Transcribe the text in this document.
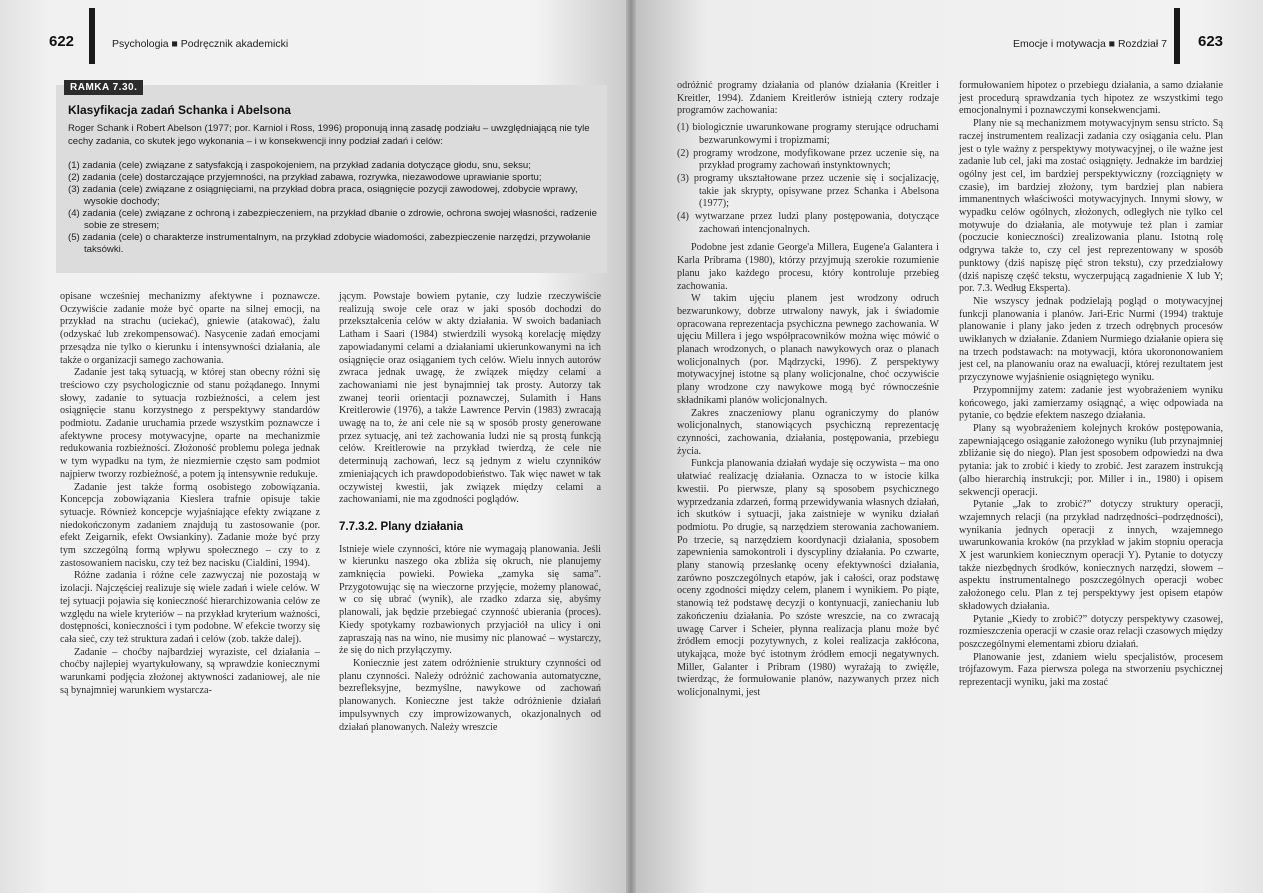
622	Psychologia ■ Podręcznik akademicki
RAMKA 7.30.
Klasyfikacja zadań Schanka i Abelsona
Roger Schank i Robert Abelson (1977; por. Karniol i Ross, 1996) proponują inną zasadę podziału – uwzględniającą nie tyle cechy zadania, co skutek jego wykonania – i w konsekwencji inny podział zadań i celów:
(1) zadania (cele) związane z satysfakcją i zaspokojeniem, na przykład zadania dotyczące głodu, snu, seksu;
(2) zadania (cele) dostarczające przyjemności, na przykład zabawa, rozrywka, niezawodowe uprawianie sportu;
(3) zadania (cele) związane z osiągnięciami, na przykład dobra praca, osiągnięcie pozycji zawodowej, zdobycie wprawy, wysokie dochody;
(4) zadania (cele) związane z ochroną i zabezpieczeniem, na przykład dbanie o zdrowie, ochrona swojej własności, radzenie sobie ze stresem;
(5) zadania (cele) o charakterze instrumentalnym, na przykład zdobycie wiadomości, zabezpieczenie narzędzi, przywołanie taksówki.

opisane wcześniej mechanizmy afektywne i poznawcze. Oczywiście zadanie może być oparte na silnej emocji, na przykład na strachu (uciekać), gniewie (atakować), żalu (odzyskać lub zrekompensować). Nasycenie zadań emocjami przesądza nie tylko o kierunku i intensywności działania, ale także o organizacji samego zachowania.

Zadanie jest taką sytuacją, w której stan obecny różni się treściowo czy psychologicznie od stanu pożądanego. Innymi słowy, zadanie to sytuacja rozbieżności, a celem jest osiągnięcie stanu korzystnego z perspektywy standardów podmiotu. Zadanie uruchamia przede wszystkim poznawcze i afektywne procesy motywacyjne, oparte na mechanizmie redukowania rozbieżności. Złożoność problemu polega jednak w tym wypadku na tym, że niezmiernie często sam podmiot najpierw tworzy rozbieżność, a potem ją intensywnie redukuje.

Zadanie jest także formą osobistego zobowiązania. Koncepcja zobowiązania Kieslera trafnie opisuje takie sytuacje. Również koncepcje wyjaśniające efekty związane z niedokończonym zadaniem znajdują tu zastosowanie (por. efekt Zeigarnik, efekt Owsiankiny). Zadanie może być przy tym szczególną formą wpływu społecznego – czy to z zastosowaniem nacisku, czy też bez nacisku (Cialdini, 1994).

Różne zadania i różne cele zazwyczaj nie pozostają w izolacji. Najczęściej realizuje się wiele zadań i wiele celów. W tej sytuacji pojawia się konieczność hierarchizowania celów ze względu na wiele kryteriów – na przykład kryterium ważności, dostępności, konieczności i tym podobne. W efekcie tworzy się cała sieć, czy też struktura zadań i celów (zob. także dalej).

Zadanie – choćby najbardziej wyraziste, cel działania – choćby najlepiej wyartykułowany, są wprawdzie koniecznymi warunkami podjęcia złożonej aktywności zadaniowej, ale nie są bynajmniej warunkiem wystarcza-

jącym. Powstaje bowiem pytanie, czy ludzie rzeczywiście realizują swoje cele oraz w jaki sposób dochodzi do przekształcenia celów w akty działania. W swoich badaniach Latham i Saari (1984) stwierdzili wysoką korelację między zapowiadanymi celami a działaniami ukierunkowanymi na ich osiągnięcie oraz osiąganiem tych celów. Wielu innych autorów zwraca jednak uwagę, że związek między celami a zachowaniami nie jest bynajmniej tak prosty. Autorzy tak zwanej teorii orientacji poznawczej, Sulamith i Hans Kreitlerowie (1976), a także Lawrence Pervin (1983) zwracają uwagę na to, że ani cele nie są w sposób prosty generowane przez sytuację, ani też zachowania ludzi nie są prostą funkcją celów. Kreitlerowie na przykład twierdzą, że cele nie determinują zachowań, lecz są jednym z wielu czynników zmieniających ich prawdopodobieństwo. Tak więc nawet w tak oczywistej kwestii, jak związek między celami a zachowaniami, nie ma zgodności poglądów.

7.7.3.2. Plany działania

Istnieje wiele czynności, które nie wymagają planowania. Jeśli w kierunku naszego oka zbliża się okruch, nie planujemy zamknięcia powieki. Powieka „zamyka się sama”. Przygotowując się na wieczorne przyjęcie, możemy planować, w co się ubrać (wynik), ale rzadko zdarza się, abyśmy planowali, jak będzie przebiegać czynność ubierania (proces). Kiedy spotykamy rozbawionych przyjaciół na ulicy i oni zapraszają nas na wino, nie musimy nic planować – wystarczy, że się do nich przyłączymy.

Koniecznie jest zatem odróżnienie struktury czynności od planu czynności. Należy odróżnić zachowania automatyczne, bezrefleksyjne, bezmyślne, nawykowe od zachowań planowanych. Konieczne jest także odróżnienie działań impulsywnych czy improwizowanych, okazjonalnych od działań planowanych. Należy wreszcie

Emocje i motywacja ■ Rozdział 7 623

odróżnić programy działania od planów działania (Kreitler i Kreitler, 1994). Zdaniem Kreitlerów istnieją cztery rodzaje programów zachowania:

(1) biologicznie uwarunkowane programy sterujące odruchami bezwarunkowymi i tropizmami;
(2) programy wrodzone, modyfikowane przez uczenie się, na przykład programy zachowań instynktownych;
(3) programy ukształtowane przez uczenie się i socjalizację, takie jak skrypty, opisywane przez Schanka i Abelsona (1977);
(4) wytwarzane przez ludzi plany postępowania, dotyczące zachowań intencjonalnych.

Podobne jest zdanie George'a Millera, Eugene'a Galantera i Karla Pribrama (1980), którzy przyjmują szerokie rozumienie planu jako każdego procesu, który kontroluje przebieg zachowania.

W takim ujęciu planem jest wrodzony odruch bezwarunkowy, dobrze utrwalony nawyk, jak i świadomie opracowana reprezentacja psychiczna pewnego zachowania. W ujęciu Millera i jego współpracowników można więc mówić o planach wrodzonych, o planach nawykowych oraz o planach wolicjonalnych (por. Mądrzycki, 1996). Z perspektywy motywacyjnej istotne są plany wolicjonalne, choć oczywiście plany wrodzone czy nawykowe mogą być równocześnie składnikami planów wolicjonalnych.

Zakres znaczeniowy planu ograniczymy do planów wolicjonalnych, stanowiących psychiczną reprezentację czynności, zachowania, działania, postępowania, przebiegu życia.

Funkcja planowania działań wydaje się oczywista – ma ono ułatwiać realizację działania. Oznacza to w istocie kilka kwestii. Po pierwsze, plany są sposobem psychicznego wyprzedzania zdarzeń, formą przewidywania własnych działań, ich skutków i sytuacji, jaka zaistnieje w wyniku działań podmiotu. Po drugie, są narzędziem sterowania zachowaniem. Po trzecie, są narzędziem koordynacji działania, sposobem zapewnienia samokontroli i dyscypliny działania. Po czwarte, plany stanowią przesłankę oceny efektywności działania, zarówno poszczególnych etapów, jak i całości, oraz podstawę oceny zgodności między celem, planem i wynikiem. Po piąte, stanowią też podstawę decyzji o kontynuacji, zaniechaniu lub zakończeniu działania. Po szóste wreszcie, na co zwracają uwagę Carver i Scheier, płynna realizacja planu może być źródłem emocji pozytywnych, z kolei realizacja zakłócona, utykająca, może być istotnym źródłem emocji negatywnych. Miller, Galanter i Pribram (1980) wyrażają to zwięźle, twierdząc, że formułowanie planów, nazywanych przez nich wolicjonalnymi, jest

formułowaniem hipotez o przebiegu działania, a samo działanie jest procedurą sprawdzania tych hipotez ze wszystkimi tego emocjonalnymi i poznawczymi konsekwencjami.

Plany nie są mechanizmem motywacyjnym sensu stricto. Są raczej instrumentem realizacji zadania czy osiągania celu. Plan jest o tyle ważny z perspektywy motywacyjnej, o ile ważne jest zadanie lub cel, jaki ma zostać osiągnięty. Jednakże im bardziej ogólny jest cel, im bardziej perspektywiczny (rozciągnięty w czasie), im bardziej złożony, tym bardziej plan nabiera immanentnych właściwości motywacyjnych. Innymi słowy, w wypadku celów ogólnych, złożonych, odległych nie tylko cel motywuje do działania, ale motywuje też plan i zamiar (poczucie konieczności) zrealizowania planu. Istotną rolę odgrywa także to, czy cel jest reprezentowany w sposób punktowy (dziś napiszę pięć stron tekstu), czy przedziałowy (dziś napiszę część tekstu, wyczerpującą zagadnienie X lub Y; por. 7.3. Według Eksperta).

Nie wszyscy jednak podzielają pogląd o motywacyjnej funkcji planowania i planów. Jari-Eric Nurmi (1994) traktuje planowanie i plany jako jeden z trzech odrębnych procesów uwikłanych w działanie. Zdaniem Nurmiego działanie opiera się na trzech podstawach: na motywacji, która ukorononowaniem jest cel, na planowaniu oraz na ewaluacji, której rezultatem jest przyczynowe wyjaśnienie osiągniętego wyniku.

Przypomnijmy zatem: zadanie jest wyobrażeniem wyniku końcowego, jaki zamierzamy osiągnąć, a więc odpowiada na pytanie, co będzie efektem naszego działania.

Plany są wyobrażeniem kolejnych kroków postępowania, zapewniającego osiąganie założonego wyniku (lub przynajmniej zbliżanie się do niego). Plan jest sposobem odpowiedzi na dwa pytania: jak to zrobić i kiedy to zrobić. Jest zarazem instrukcją (albo hierarchią instrukcji; por. Miller i in., 1980) i opisem sekwencji operacji.

Pytanie „Jak to zrobić?” dotyczy struktury operacji, wzajemnych relacji (na przykład nadrzędności–podrzędności), wynikania jednych operacji z innych, wzajemnego uwarunkowania kroków (na przykład w jakim stopniu operacja X jest warunkiem koniecznym operacji Y). Pytanie to dotyczy także niezbędnych środków, koniecznych narzędzi, słowem – aspektu instrumentalnego poszczególnych operacji wobec założonego celu. Plan z tej perspektywy jest opisem etapów składowych działania.

Pytanie „Kiedy to zrobić?” dotyczy perspektywy czasowej, rozmieszczenia operacji w czasie oraz relacji czasowych między poszczególnymi elementami zbioru działań.

Planowanie jest, zdaniem wielu specjalistów, procesem trójfazowym. Faza pierwsza polega na stworzeniu psychicznej reprezentacji wyniku, jaki ma zostać
